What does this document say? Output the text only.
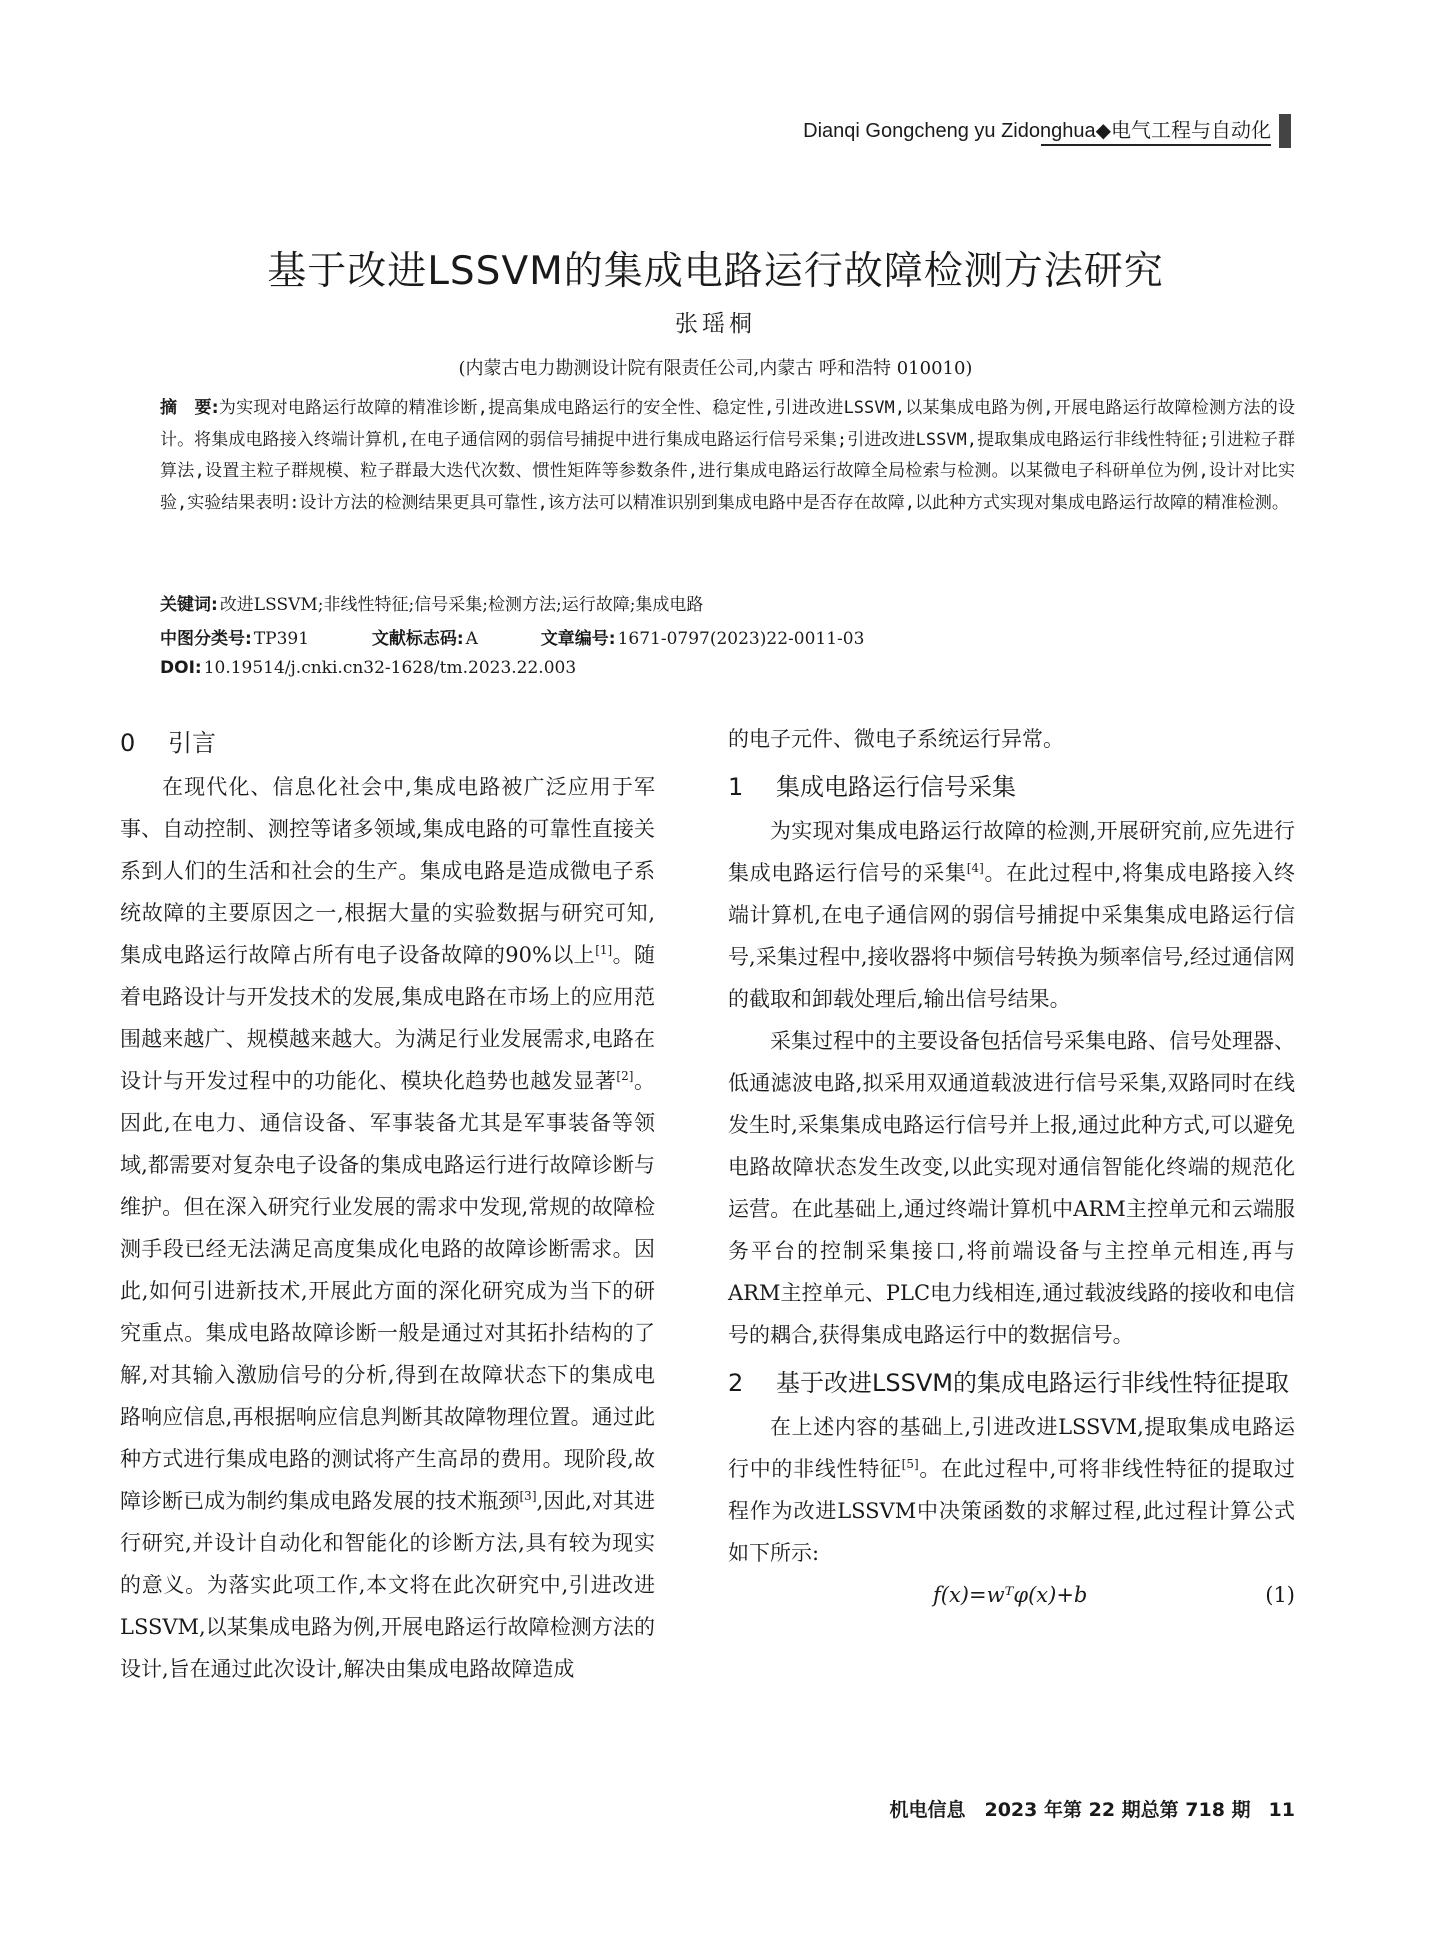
Dianqi Gongcheng yu Zidonghua◆电气工程与自动化
基于改进LSSVM的集成电路运行故障检测方法研究
张瑶桐
(内蒙古电力勘测设计院有限责任公司,内蒙古 呼和浩特 010010)
摘　要:为实现对电路运行故障的精准诊断,提高集成电路运行的安全性、稳定性,引进改进LSSVM,以某集成电路为例,开展电路运行故障检测方法的设计。将集成电路接入终端计算机,在电子通信网的弱信号捕捉中进行集成电路运行信号采集;引进改进LSSVM,提取集成电路运行非线性特征;引进粒子群算法,设置主粒子群规模、粒子群最大迭代次数、惯性矩阵等参数条件,进行集成电路运行故障全局检索与检测。以某微电子科研单位为例,设计对比实验,实验结果表明:设计方法的检测结果更具可靠性,该方法可以精准识别到集成电路中是否存在故障,以此种方式实现对集成电路运行故障的精准检测。
关键词: 改进LSSVM;非线性特征;信号采集;检测方法;运行故障;集成电路
中图分类号: TP391	文献标志码: A	文章编号: 1671-0797(2023)22-0011-03
DOI: 10.19514/j.cnki.cn32-1628/tm.2023.22.003
0 引言

在现代化、信息化社会中,集成电路被广泛应用于军事、自动控制、测控等诸多领域,集成电路的可靠性直接关系到人们的生活和社会的生产。集成电路是造成微电子系统故障的主要原因之一,根据大量的实验数据与研究可知,集成电路运行故障占所有电子设备故障的90%以上[1]。随着电路设计与开发技术的发展,集成电路在市场上的应用范围越来越广、规模越来越大。为满足行业发展需求,电路在设计与开发过程中的功能化、模块化趋势也越发显著[2]。因此,在电力、通信设备、军事装备尤其是军事装备等领域,都需要对复杂电子设备的集成电路运行进行故障诊断与维护。但在深入研究行业发展的需求中发现,常规的故障检测手段已经无法满足高度集成化电路的故障诊断需求。因此,如何引进新技术,开展此方面的深化研究成为当下的研究重点。集成电路故障诊断一般是通过对其拓扑结构的了解,对其输入激励信号的分析,得到在故障状态下的集成电路响应信息,再根据响应信息判断其故障物理位置。通过此种方式进行集成电路的测试将产生高昂的费用。现阶段,故障诊断已成为制约集成电路发展的技术瓶颈[3],因此,对其进行研究,并设计自动化和智能化的诊断方法,具有较为现实的意义。为落实此项工作,本文将在此次研究中,引进改进LSSVM,以某集成电路为例,开展电路运行故障检测方法的设计,旨在通过此次设计,解决由集成电路故障造成

的电子元件、微电子系统运行异常。

1 集成电路运行信号采集

为实现对集成电路运行故障的检测,开展研究前,应先进行集成电路运行信号的采集[4]。在此过程中,将集成电路接入终端计算机,在电子通信网的弱信号捕捉中采集集成电路运行信号,采集过程中,接收器将中频信号转换为频率信号,经过通信网的截取和卸载处理后,输出信号结果。

采集过程中的主要设备包括信号采集电路、信号处理器、低通滤波电路,拟采用双通道载波进行信号采集,双路同时在线发生时,采集集成电路运行信号并上报,通过此种方式,可以避免电路故障状态发生改变,以此实现对通信智能化终端的规范化运营。在此基础上,通过终端计算机中ARM主控单元和云端服务平台的控制采集接口,将前端设备与主控单元相连,再与ARM主控单元、PLC电力线相连,通过载波线路的接收和电信号的耦合,获得集成电路运行中的数据信号。

2 基于改进LSSVM的集成电路运行非线性特征提取

在上述内容的基础上,引进改进LSSVM,提取集成电路运行中的非线性特征[5]。在此过程中,可将非线性特征的提取过程作为改进LSSVM中决策函数的求解过程,此过程计算公式如下所示:

f(x)=wᵀφ(x)+b	(1)
机电信息　2023 年第 22 期总第 718 期 11
